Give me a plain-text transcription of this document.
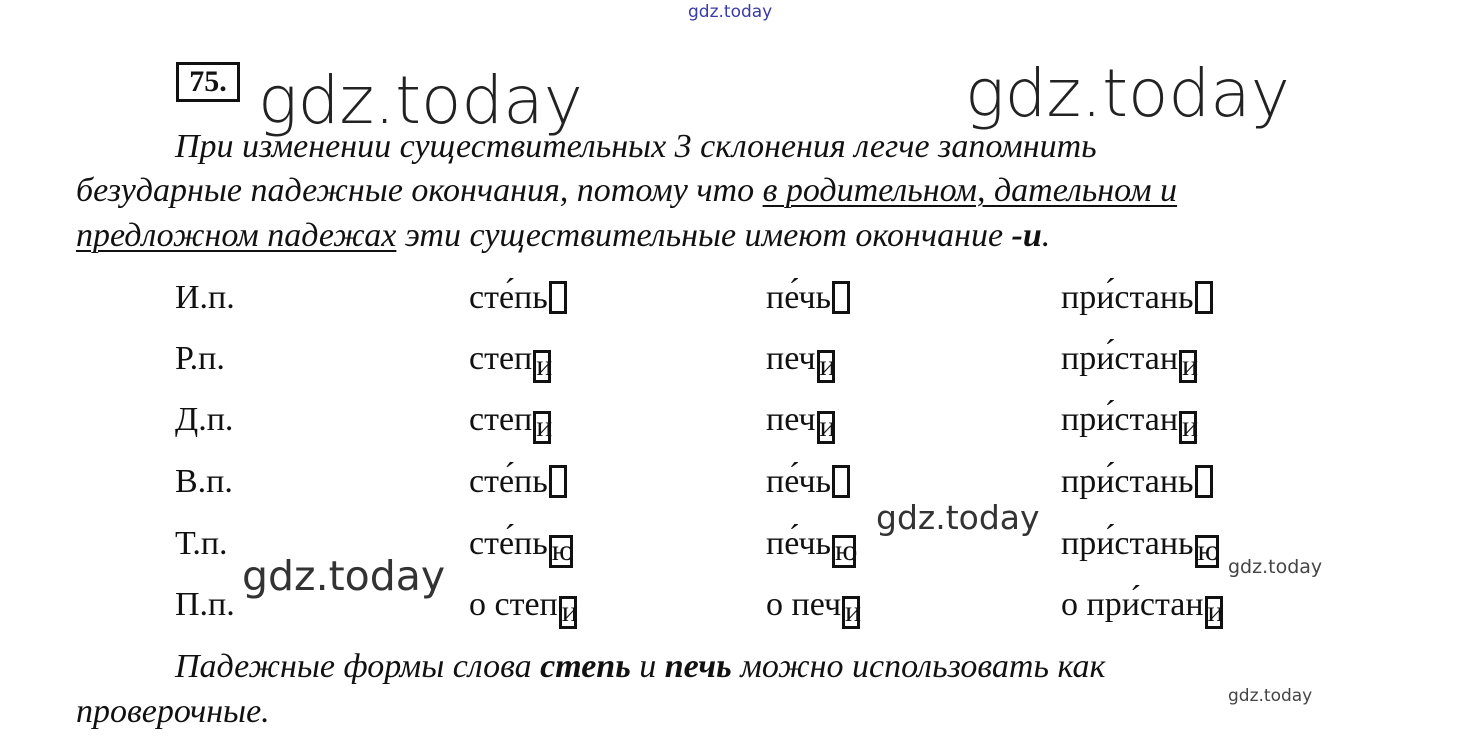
gdz.today
gdz.today	gdz.today
75.
При изменении существительных 3 склонения легче запомнить
безударные падежные окончания, потому что в родительном, дательном и
предложном падежах эти существительные имеют окончание -и.
И.п.	сте́пь	пе́чь	при́стань
Р.п.	степ и	печ и	при́стан и
Д.п.	степ и	печ и	при́стан и
В.п.	сте́пь	пе́чь	при́стань
Т.п.	сте́пь ю	пе́чь ю	при́стань ю
П.п.	о степ и	о печ и	о при́стан и
gdz.today
gdz.today	gdz.today
gdz.today
Падежные формы слова степь и печь можно использовать как
проверочные.
